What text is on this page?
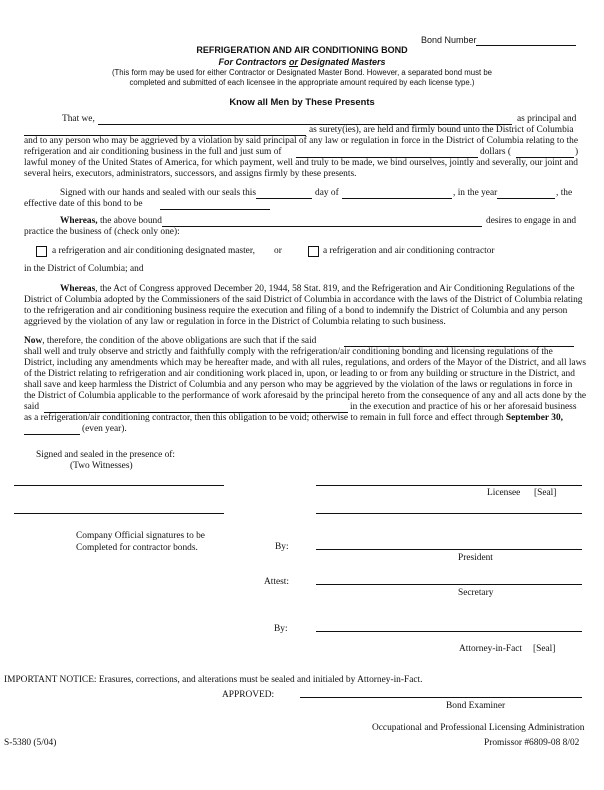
Bond Number
REFRIGERATION AND AIR CONDITIONING BOND
For Contractors or Designated Masters
(This form may be used for either Contractor or Designated Master Bond. However, a separated bond must be
completed and submitted of each licensee in the appropriate amount required by each license type.)
Know all Men by These Presents
That we,	as principal and
as surety(ies), are held and firmly bound unto the District of Columbia
and to any person who may be aggrieved by a violation by said principal of any law or regulation in force in the District of Columbia relating to the
refrigeration and air conditioning business in the full and just sum of	dollars (	)
lawful money of the United States of America, for which payment, well and truly to be made, we bind ourselves, jointly and severally, our joint and
several heirs, executors, administrators, successors, and assigns firmly by these presents.
Signed with our hands and sealed with our seals this	day of	, in the year	, the
effective date of this bond to be
Whereas, the above bound	desires to engage in and
practice the business of (check only one):
a refrigeration and air conditioning designated master, or	a refrigeration and air conditioning contractor
in the District of Columbia; and
Whereas, the Act of Congress approved December 20, 1944, 58 Stat. 819, and the Refrigeration and Air Conditioning Regulations of the
District of Columbia adopted by the Commissioners of the said District of Columbia in accordance with the laws of the District of Columbia relating
to the refrigeration and air conditioning business require the execution and filing of a bond to indemnify the District of Columbia and any person
aggrieved by the violation of any law or regulation in force in the District of Columbia relating to such business.
Now, therefore, the condition of the above obligations are such that if the said
shall well and truly observe and strictly and faithfully comply with the refrigeration/air conditioning bonding and licensing regulations of the
District, including any amendments which may be hereafter made, and with all rules, regulations, and orders of the Mayor of the District, and all laws
of the District relating to refrigeration and air conditioning work placed in, upon, or leading to or from any building or structure in the District, and
shall save and keep harmless the District of Columbia and any person who may be aggrieved by the violation of the laws or regulations in force in
the District of Columbia applicable to the performance of work aforesaid by the principal hereto from the consequence of any and all acts done by the
said	in the execution and practice of his or her aforesaid business
as a refrigeration/air conditioning contractor, then this obligation to be void; otherwise to remain in full force and effect through September 30,
(even year).
Signed and sealed in the presence of:
(Two Witnesses)
Licensee [Seal]
Company Official signatures to be
Completed for contractor bonds.	By:
President
Attest:
Secretary
By:
Attorney-in-Fact [Seal]
IMPORTANT NOTICE: Erasures, corrections, and alterations must be sealed and initialed by Attorney-in-Fact.
APPROVED:
Bond Examiner
Occupational and Professional Licensing Administration
S-5380 (5/04)	Promissor #6809-08 8/02
